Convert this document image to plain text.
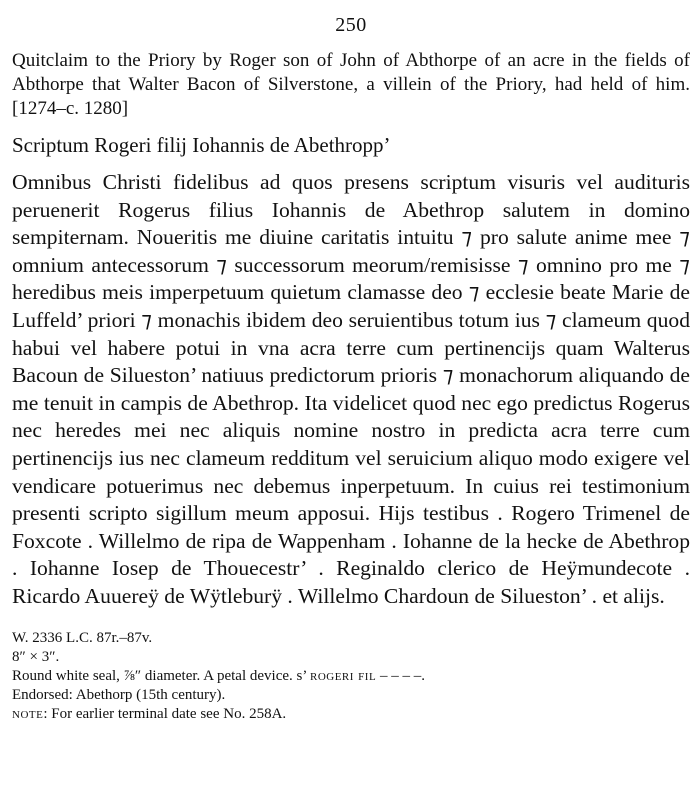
250
Quitclaim to the Priory by Roger son of John of Abthorpe of an acre in the fields of Abthorpe that Walter Bacon of Silverstone, a villein of the Priory, had held of him. [1274–c. 1280]
Scriptum Rogeri filij Iohannis de Abethropp’
Omnibus Christi fidelibus ad quos presens scriptum visuris vel audituris peruenerit Rogerus filius Iohannis de Abethrop salutem in domino sempiternam. Noueritis me diuine caritatis intuitu ⁊ pro salute anime mee ⁊ omnium antecessorum ⁊ successorum meorum/remisisse ⁊ omnino pro me ⁊ heredibus meis imperpetuum quietum clamasse deo ⁊ ecclesie beate Marie de Luffeld’ priori ⁊ monachis ibidem deo seruientibus totum ius ⁊ clameum quod habui vel habere potui in vna acra terre cum pertinencijs quam Walterus Bacoun de Silueston’ natiuus predictorum prioris ⁊ monachorum aliquando de me tenuit in campis de Abethrop. Ita videlicet quod nec ego predictus Rogerus nec heredes mei nec aliquis nomine nostro in predicta acra terre cum pertinencijs ius nec clameum redditum vel seruicium aliquo modo exigere vel vendicare potuerimus nec debemus inperpetuum. In cuius rei testimonium presenti scripto sigillum meum apposui. Hijs testibus . Rogero Trimenel de Foxcote . Willelmo de ripa de Wappenham . Iohanne de la hecke de Abethrop . Iohanne Iosep de Thouecestr’ . Reginaldo clerico de Heÿmundecote . Ricardo Auuereÿ de Wÿtleburÿ . Willelmo Chardoun de Silueston’ . et alijs.
W. 2336 L.C. 87r.–87v.
8″ × 3″.
Round white seal, ⅞″ diameter. A petal device. s’ rogeri fil – – – –.
Endorsed: Abethorp (15th century).
note: For earlier terminal date see No. 258A.
